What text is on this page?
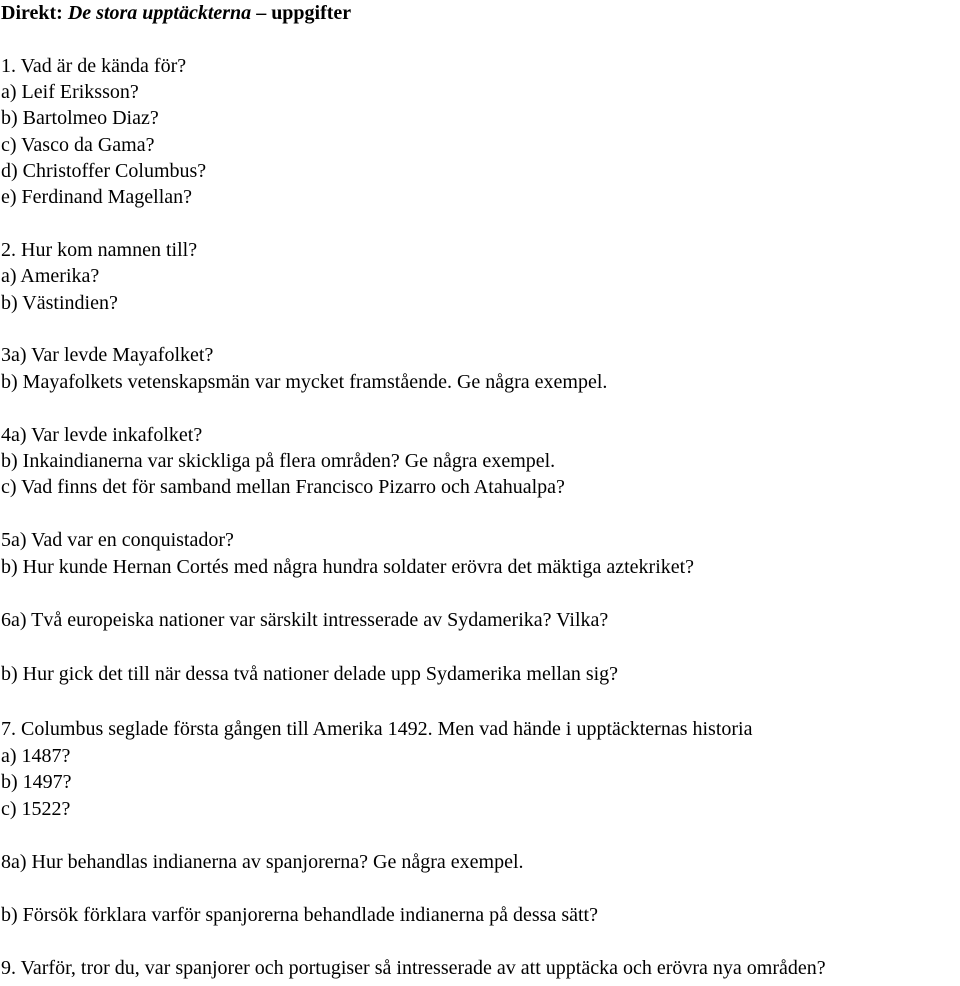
Direkt: De stora upptäckterna – uppgifter
1. Vad är de kända för?
a) Leif Eriksson?
b) Bartolmeo Diaz?
c) Vasco da Gama?
d) Christoffer Columbus?
e) Ferdinand Magellan?
2. Hur kom namnen till?
a) Amerika?
b) Västindien?
3a) Var levde Mayafolket?
b) Mayafolkets vetenskapsmän var mycket framstående. Ge några exempel.
4a) Var levde inkafolket?
b) Inkaindianerna var skickliga på flera områden? Ge några exempel.
c) Vad finns det för samband mellan Francisco Pizarro och Atahualpa?
5a) Vad var en conquistador?
b) Hur kunde Hernan Cortés med några hundra soldater erövra det mäktiga aztekriket?
6a) Två europeiska nationer var särskilt intresserade av Sydamerika? Vilka?
b) Hur gick det till när dessa två nationer delade upp Sydamerika mellan sig?
7. Columbus seglade första gången till Amerika 1492. Men vad hände i upptäckternas historia
a) 1487?
b) 1497?
c) 1522?
8a) Hur behandlas indianerna av spanjorerna? Ge några exempel.
b) Försök förklara varför spanjorerna behandlade indianerna på dessa sätt?
9. Varför, tror du, var spanjorer och portugiser så intresserade av att upptäcka och erövra nya områden?
